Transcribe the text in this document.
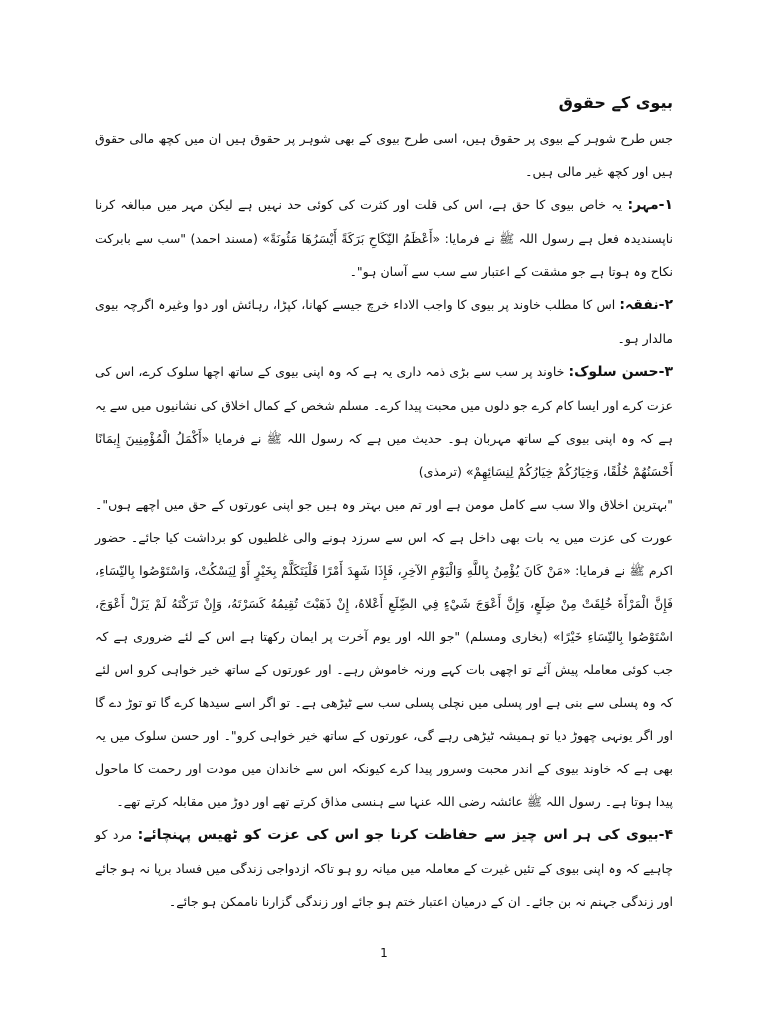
بیوی کے حقوق

جس طرح شوہر کے بیوی پر حقوق ہیں، اسی طرح بیوی کے بھی شوہر پر حقوق ہیں ان میں کچھ مالی حقوق ہیں اور کچھ غیر مالی ہیں۔

۱-مہر: یہ خاص بیوی کا حق ہے، اس کی قلت اور کثرت کی کوئی حد نہیں ہے لیکن مہر میں مبالغہ کرنا ناپسندیدہ فعل ہے رسول اللہ ﷺ نے فرمایا: «أَعْظَمُ النِّكَاحِ بَرَكَةً أَيْسَرُهَا مَئُونَةً» (مسند احمد) "سب سے بابرکت نکاح وہ ہوتا ہے جو مشقت کے اعتبار سے سب سے آسان ہو"۔

۲-نفقہ: اس کا مطلب خاوند پر بیوی کا واجب الاداء خرچ جیسے کھانا، کپڑا، رہائش اور دوا وغیرہ اگرچہ بیوی مالدار ہو۔

۳-حسن سلوک: خاوند پر سب سے بڑی ذمہ داری یہ ہے کہ وہ اپنی بیوی کے ساتھ اچھا سلوک کرے، اس کی عزت کرے اور ایسا کام کرے جو دلوں میں محبت پیدا کرے۔ مسلم شخص کے کمال اخلاق کی نشانیوں میں سے یہ ہے کہ وہ اپنی بیوی کے ساتھ مہربان ہو۔ حدیث میں ہے کہ رسول اللہ ﷺ نے فرمایا «أَكْمَلُ الْمُؤْمِنِينَ إِيمَانًا أَحْسَنُهُمْ خُلُقًا، وَخِيَارُكُمْ خِيَارُكُمْ لِنِسَائِهِمْ» (ترمذی)

"بہترین اخلاق والا سب سے کامل مومن ہے اور تم میں بہتر وہ ہیں جو اپنی عورتوں کے حق میں اچھے ہوں"۔ عورت کی عزت میں یہ بات بھی داخل ہے کہ اس سے سرزد ہونے والی غلطیوں کو برداشت کیا جائے۔ حضور اکرم ﷺ نے فرمایا: «مَنْ كَانَ يُؤْمِنُ بِاللَّهِ وَالْيَوْمِ الآخِرِ، فَإِذَا شَهِدَ أَمْرًا فَلْيَتَكَلَّمْ بِخَيْرٍ أَوْ لِيَسْكُتْ، وَاسْتَوْصُوا بِالنِّسَاءِ، فَإِنَّ الْمَرْأَةَ خُلِقَتْ مِنْ ضِلَعٍ، وَإِنَّ أَعْوَجَ شَيْءٍ فِي الضِّلَعِ أَعْلاهُ، إِنْ ذَهَبْتَ تُقِيمُهُ كَسَرْتَهُ، وَإِنْ تَرَكْتَهُ لَمْ يَزَلْ أَعْوَجَ، اسْتَوْصُوا بِالنِّسَاءِ خَيْرًا» (بخاری ومسلم) "جو اللہ اور یوم آخرت پر ایمان رکھتا ہے اس کے لئے ضروری ہے کہ جب کوئی معاملہ پیش آئے تو اچھی بات کہے ورنہ خاموش رہے۔ اور عورتوں کے ساتھ خیر خواہی کرو اس لئے کہ وہ پسلی سے بنی ہے اور پسلی میں نچلی پسلی سب سے ٹیڑھی ہے۔ تو اگر اسے سیدھا کرے گا تو توڑ دے گا اور اگر یونہی چھوڑ دیا تو ہمیشہ ٹیڑھی رہے گی، عورتوں کے ساتھ خیر خواہی کرو"۔ اور حسن سلوک میں یہ بھی ہے کہ خاوند بیوی کے اندر محبت وسرور پیدا کرے کیونکہ اس سے خاندان میں مودت اور رحمت کا ماحول پیدا ہوتا ہے۔ رسول اللہ ﷺ عائشہ رضی اللہ عنہا سے ہنسی مذاق کرتے تھے اور دوڑ میں مقابلہ کرتے تھے۔

۴-بیوی کی ہر اس چیز سے حفاظت کرنا جو اس کی عزت کو ٹھیس پہنچائے: مرد کو چاہیے کہ وہ اپنی بیوی کے تئیں غیرت کے معاملہ میں میانہ رو ہو تاکہ ازدواجی زندگی میں فساد برپا نہ ہو جائے اور زندگی جہنم نہ بن جائے۔ ان کے درمیان اعتبار ختم ہو جائے اور زندگی گزارنا ناممکن ہو جائے۔

1
